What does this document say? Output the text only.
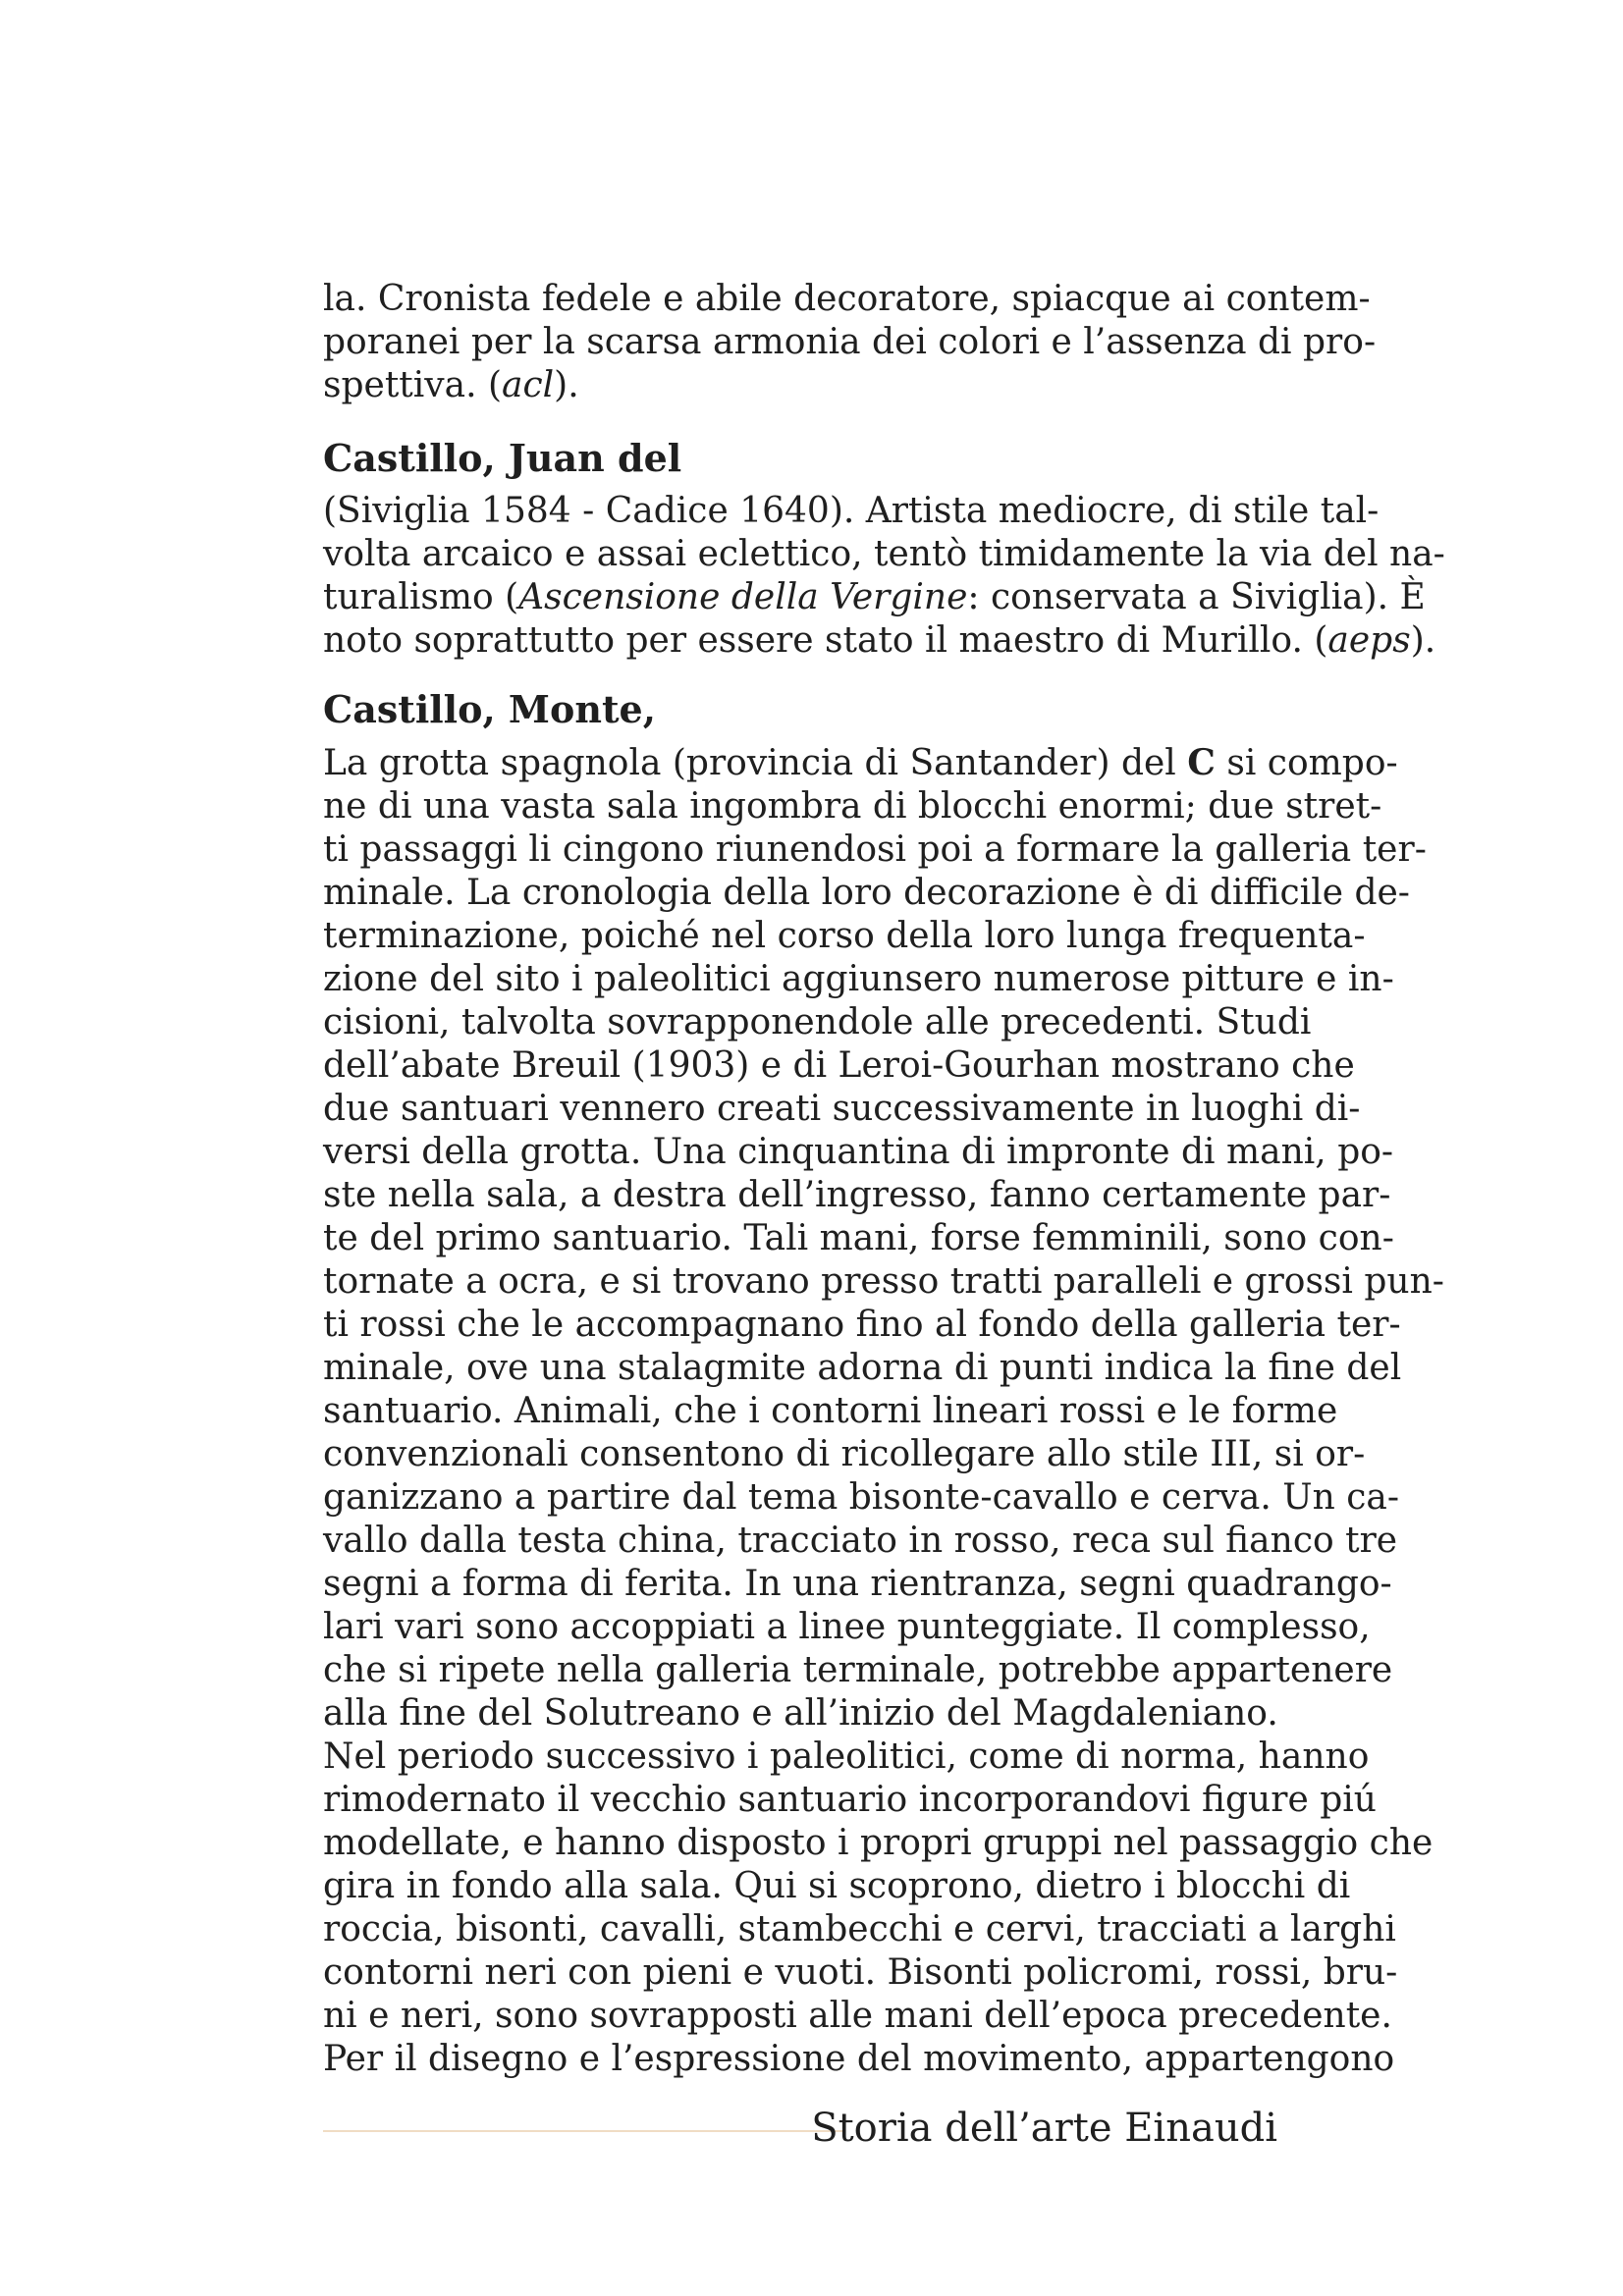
la. Cronista fedele e abile decoratore, spiacque ai contem-
poranei per la scarsa armonia dei colori e l’assenza di pro-
spettiva. (acl).

Castillo, Juan del

(Siviglia 1584 - Cadice 1640). Artista mediocre, di stile tal-
volta arcaico e assai eclettico, tentò timidamente la via del na-
turalismo (Ascensione della Vergine: conservata a Siviglia). È
noto soprattutto per essere stato il maestro di Murillo. (aeps).

Castillo, Monte,

La grotta spagnola (provincia di Santander) del C si compo-
ne di una vasta sala ingombra di blocchi enormi; due stret-
ti passaggi li cingono riunendosi poi a formare la galleria ter-
minale. La cronologia della loro decorazione è di difficile de-
terminazione, poiché nel corso della loro lunga frequenta-
zione del sito i paleolitici aggiunsero numerose pitture e in-
cisioni, talvolta sovrapponendole alle precedenti. Studi
dell’abate Breuil (1903) e di Leroi-Gourhan mostrano che
due santuari vennero creati successivamente in luoghi di-
versi della grotta. Una cinquantina di impronte di mani, po-
ste nella sala, a destra dell’ingresso, fanno certamente par-
te del primo santuario. Tali mani, forse femminili, sono con-
tornate a ocra, e si trovano presso tratti paralleli e grossi pun-
ti rossi che le accompagnano fino al fondo della galleria ter-
minale, ove una stalagmite adorna di punti indica la fine del
santuario. Animali, che i contorni lineari rossi e le forme
convenzionali consentono di ricollegare allo stile III, si or-
ganizzano a partire dal tema bisonte-cavallo e cerva. Un ca-
vallo dalla testa china, tracciato in rosso, reca sul fianco tre
segni a forma di ferita. In una rientranza, segni quadrango-
lari vari sono accoppiati a linee punteggiate. Il complesso,
che si ripete nella galleria terminale, potrebbe appartenere
alla fine del Solutreano e all’inizio del Magdaleniano.
Nel periodo successivo i paleolitici, come di norma, hanno
rimodernato il vecchio santuario incorporandovi figure piú
modellate, e hanno disposto i propri gruppi nel passaggio che
gira in fondo alla sala. Qui si scoprono, dietro i blocchi di
roccia, bisonti, cavalli, stambecchi e cervi, tracciati a larghi
contorni neri con pieni e vuoti. Bisonti policromi, rossi, bru-
ni e neri, sono sovrapposti alle mani dell’epoca precedente.
Per il disegno e l’espressione del movimento, appartengono

Storia dell’arte Einaudi
